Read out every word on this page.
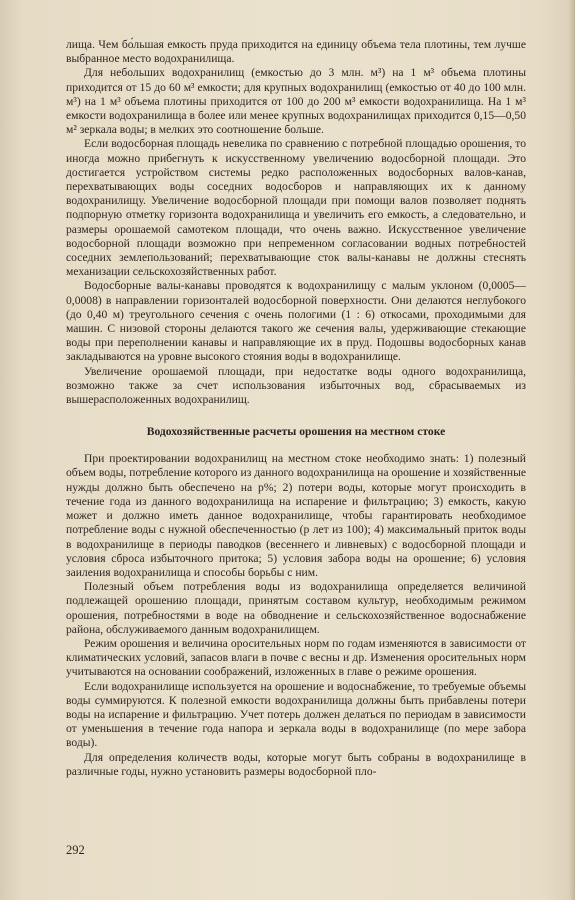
лища. Чем бо́льшая емкость пруда приходится на единицу объема тела плотины, тем лучше выбранное место водохранилища.

Для небольших водохранилищ (емкостью до 3 млн. м³) на 1 м³ объема плотины приходится от 15 до 60 м³ емкости; для крупных водохранилищ (емкостью от 40 до 100 млн. м³) на 1 м³ объема плотины приходится от 100 до 200 м³ емкости водохранилища. На 1 м³ емкости водохранилища в более или менее крупных водохранилищах приходится 0,15—0,50 м² зеркала воды; в мелких это соотношение больше.

Если водосборная площадь невелика по сравнению с потребной площадью орошения, то иногда можно прибегнуть к искусственному увеличению водосборной площади. Это достигается устройством системы редко расположенных водосборных валов-канав, перехватывающих воды соседних водосборов и направляющих их к данному водохранилищу. Увеличение водосборной площади при помощи валов позволяет поднять подпорную отметку горизонта водохранилища и увеличить его емкость, а следовательно, и размеры орошаемой самотеком площади, что очень важно. Искусственное увеличение водосборной площади возможно при непременном согласовании водных потребностей соседних землепользований; перехватывающие сток валы-канавы не должны стеснять механизации сельскохозяйственных работ.

Водосборные валы-канавы проводятся к водохранилищу с малым уклоном (0,0005—0,0008) в направлении горизонталей водосборной поверхности. Они делаются неглубокого (до 0,40 м) треугольного сечения с очень пологими (1 : 6) откосами, проходимыми для машин. С низовой стороны делаются такого же сечения валы, удерживающие стекающие воды при переполнении канавы и направляющие их в пруд. Подошвы водосборных канав закладываются на уровне высокого стояния воды в водохранилище.

Увеличение орошаемой площади, при недостатке воды одного водохранилища, возможно также за счет использования избыточных вод, сбрасываемых из вышерасположенных водохранилищ.

Водохозяйственные расчеты орошения на местном стоке

При проектировании водохранилищ на местном стоке необходимо знать: 1) полезный объем воды, потребление которого из данного водохранилища на орошение и хозяйственные нужды должно быть обеспечено на p%; 2) потери воды, которые могут происходить в течение года из данного водохранилища на испарение и фильтрацию; 3) емкость, какую может и должно иметь данное водохранилище, чтобы гарантировать необходимое потребление воды с нужной обеспеченностью (p лет из 100); 4) максимальный приток воды в водохранилище в периоды паводков (весеннего и ливневых) с водосборной площади и условия сброса избыточного притока; 5) условия забора воды на орошение; 6) условия заиления водохранилища и способы борьбы с ним.

Полезный объем потребления воды из водохранилища определяется величиной подлежащей орошению площади, принятым составом культур, необходимым режимом орошения, потребностями в воде на обводнение и сельскохозяйственное водоснабжение района, обслуживаемого данным водохранилищем.

Режим орошения и величина оросительных норм по годам изменяются в зависимости от климатических условий, запасов влаги в почве с весны и др. Изменения оросительных норм учитываются на основании соображений, изложенных в главе о режиме орошения.

Если водохранилище используется на орошение и водоснабжение, то требуемые объемы воды суммируются. К полезной емкости водохранилища должны быть прибавлены потери воды на испарение и фильтрацию. Учет потерь должен делаться по периодам в зависимости от уменьшения в течение года напора и зеркала воды в водохранилище (по мере забора воды).

Для определения количеств воды, которые могут быть собраны в водохранилище в различные годы, нужно установить размеры водосборной пло-

292
